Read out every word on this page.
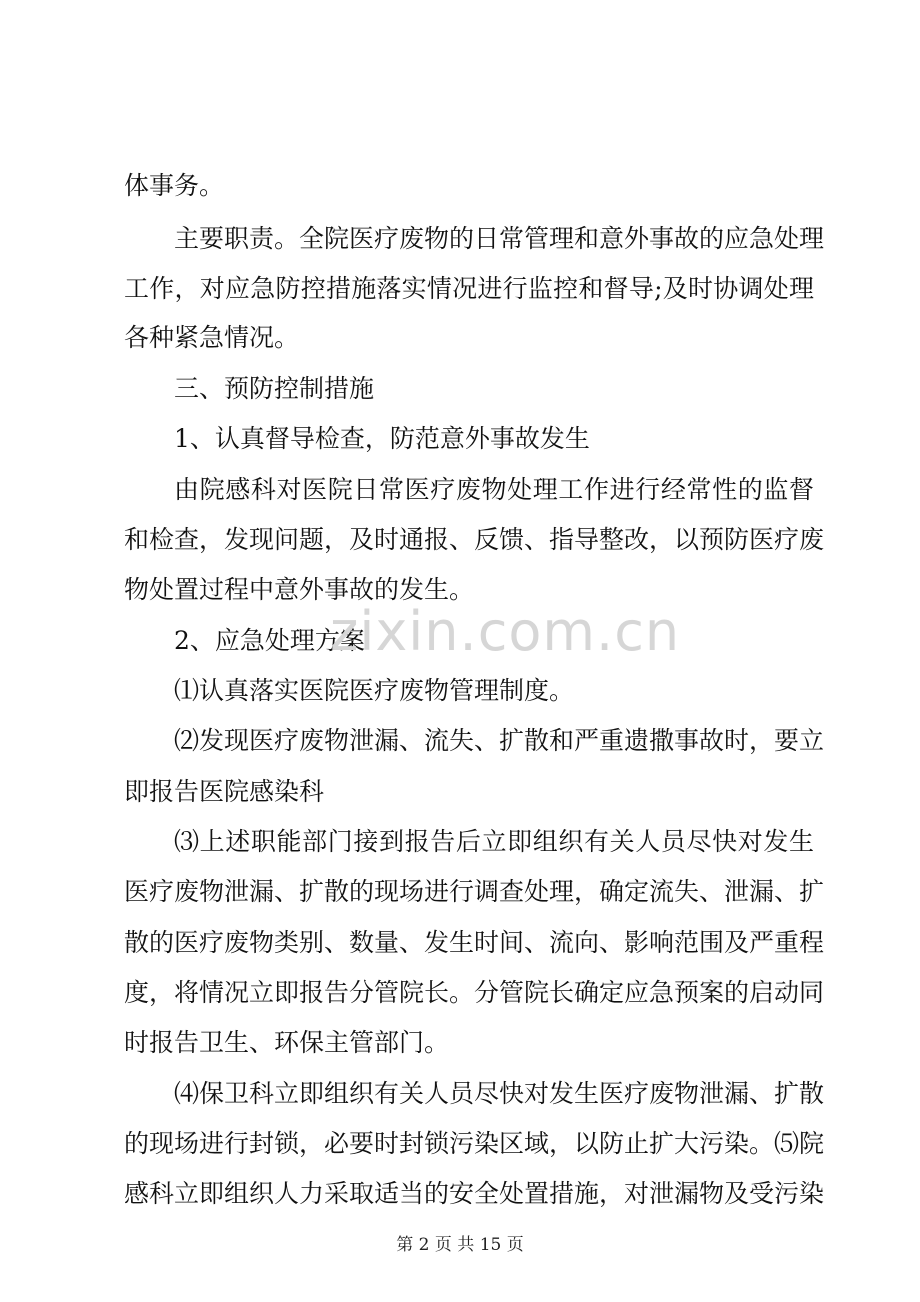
体事务。
主要职责。全院医疗废物的日常管理和意外事故的应急处理
工作，对应急防控措施落实情况进行监控和督导;及时协调处理
各种紧急情况。
三、预防控制措施
1、认真督导检查，防范意外事故发生
由院感科对医院日常医疗废物处理工作进行经常性的监督
和检查，发现问题，及时通报、反馈、指导整改，以预防医疗废
物处置过程中意外事故的发生。
2、应急处理方案
⑴认真落实医院医疗废物管理制度。
⑵发现医疗废物泄漏、流失、扩散和严重遗撒事故时，要立
即报告医院感染科
⑶上述职能部门接到报告后立即组织有关人员尽快对发生
医疗废物泄漏、扩散的现场进行调查处理，确定流失、泄漏、扩
散的医疗废物类别、数量、发生时间、流向、影响范围及严重程
度，将情况立即报告分管院长。分管院长确定应急预案的启动同
时报告卫生、环保主管部门。
⑷保卫科立即组织有关人员尽快对发生医疗废物泄漏、扩散
的现场进行封锁，必要时封锁污染区域，以防止扩大污染。⑸院
zixin.com.cn
第 2 页 共 15 页
感科立即组织人力采取适当的安全处置措施，对泄漏物及受污染
